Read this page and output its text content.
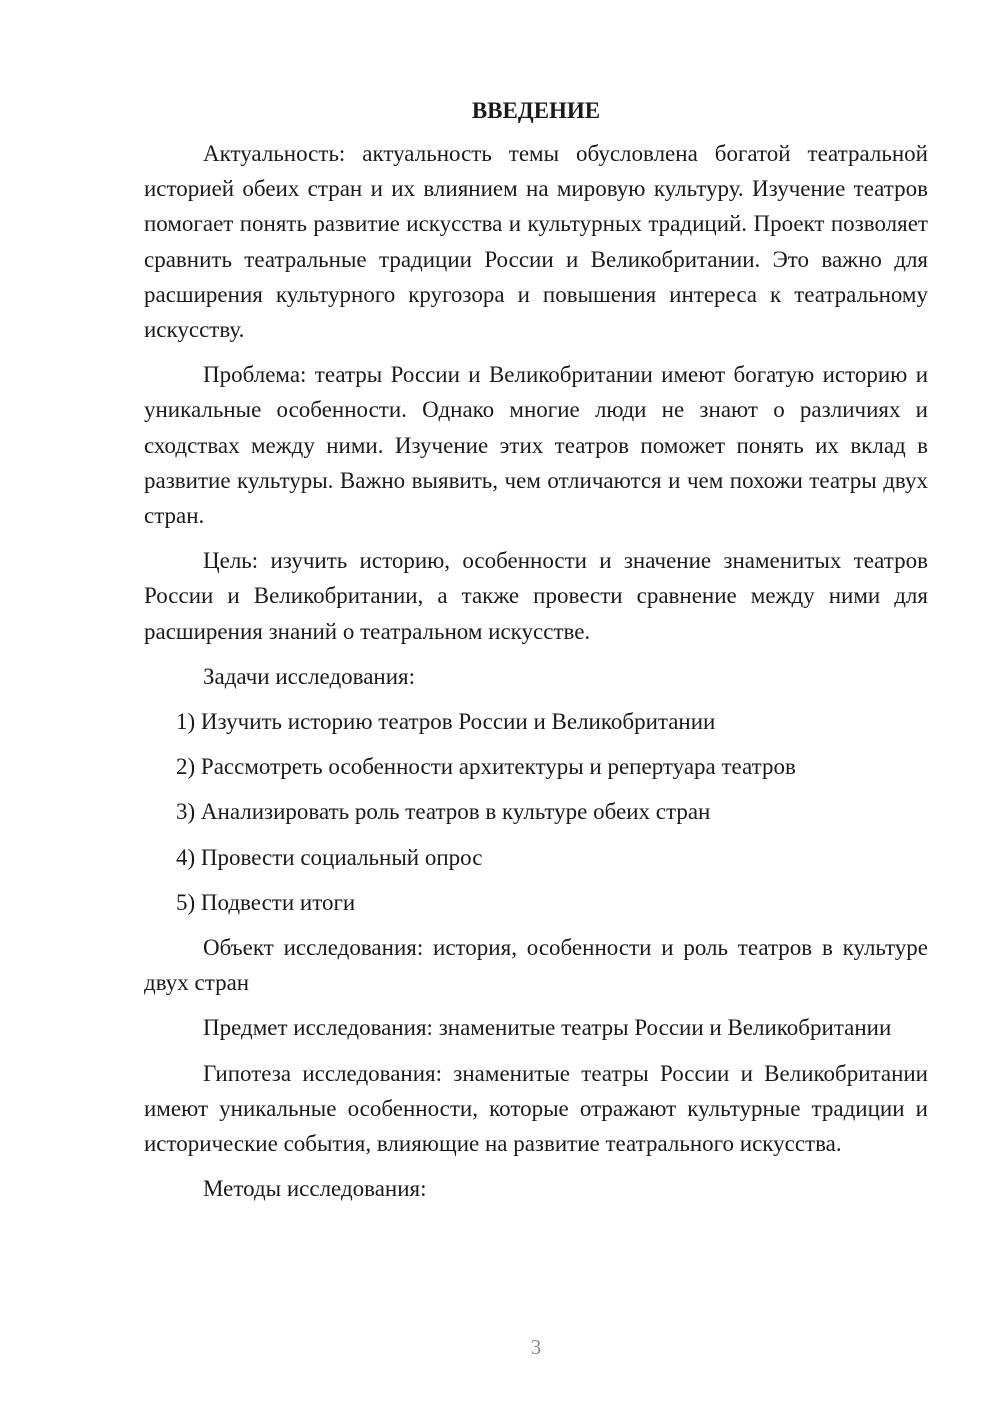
ВВЕДЕНИЕ
Актуальность: актуальность темы обусловлена богатой театральной историей обеих стран и их влиянием на мировую культуру. Изучение театров помогает понять развитие искусства и культурных традиций. Проект позволяет сравнить театральные традиции России и Великобритании. Это важно для расширения культурного кругозора и повышения интереса к театральному искусству.
Проблема: театры России и Великобритании имеют богатую историю и уникальные особенности. Однако многие люди не знают о различиях и сходствах между ними. Изучение этих театров поможет понять их вклад в развитие культуры. Важно выявить, чем отличаются и чем похожи театры двух стран.
Цель: изучить историю, особенности и значение знаменитых театров России и Великобритании, а также провести сравнение между ними для расширения знаний о театральном искусстве.
Задачи исследования:
1) Изучить историю театров России и Великобритании
2) Рассмотреть особенности архитектуры и репертуара театров
3) Анализировать роль театров в культуре обеих стран
4) Провести социальный опрос
5) Подвести итоги
Объект исследования: история, особенности и роль театров в культуре двух стран
Предмет исследования: знаменитые театры России и Великобритании
Гипотеза исследования: знаменитые театры России и Великобритании имеют уникальные особенности, которые отражают культурные традиции и исторические события, влияющие на развитие театрального искусства.
Методы исследования:
3
